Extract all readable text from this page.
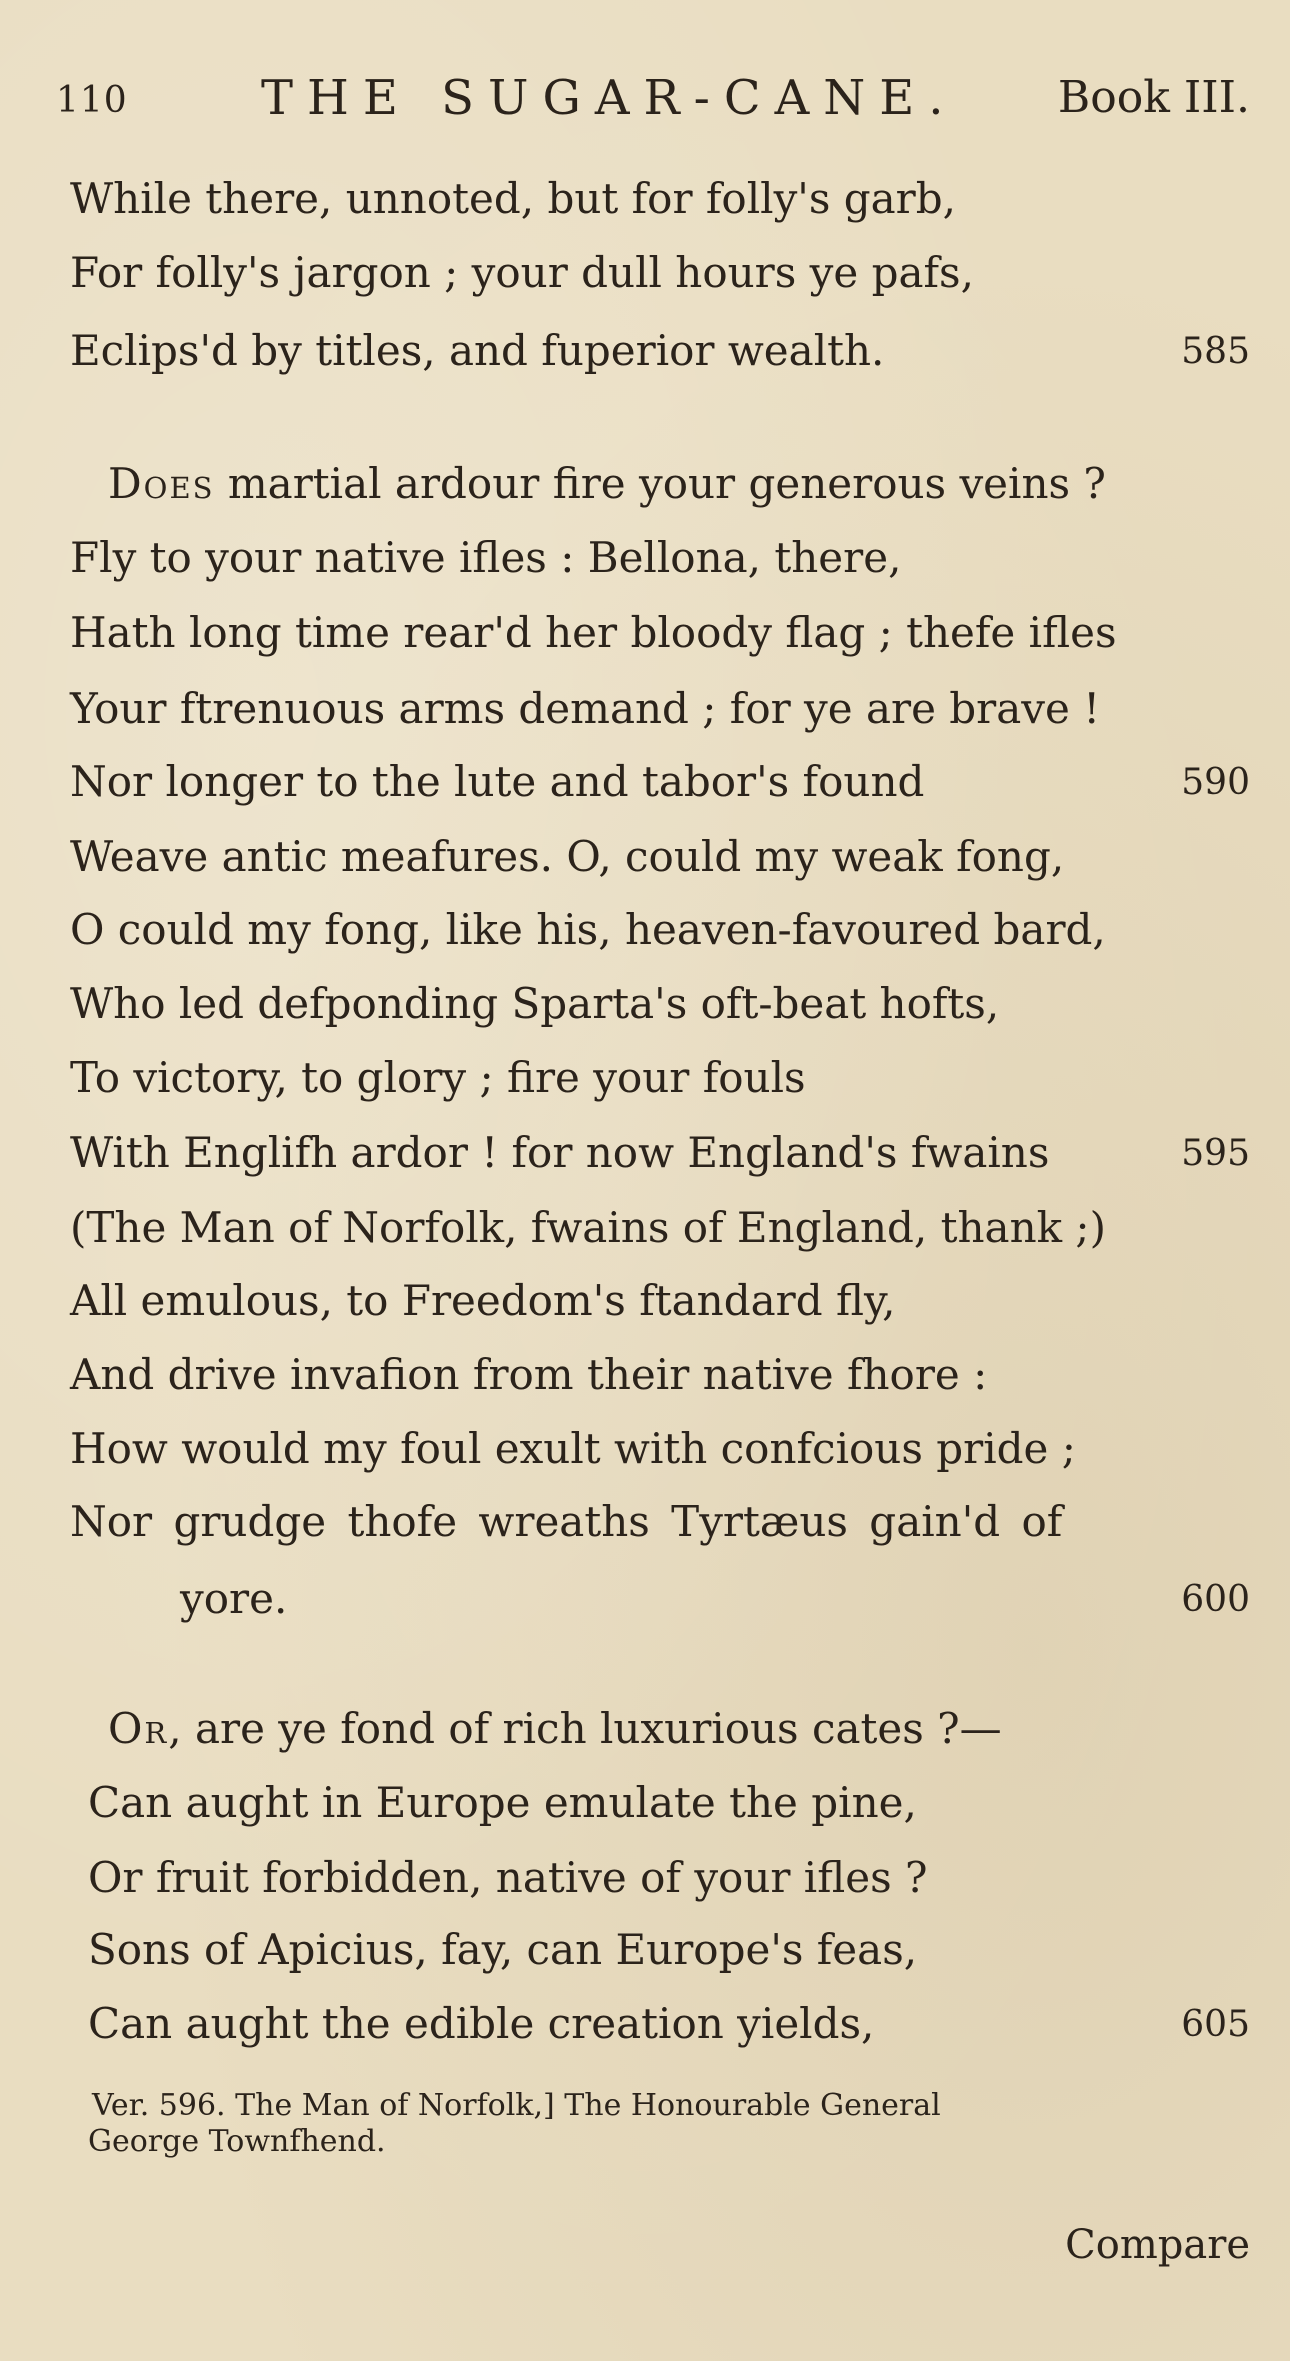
110	THE SUGAR-CANE. Book III.
While there, unnoted, but for folly's garb,
For folly's jargon ; your dull hours ye pafs,
Eclips'd by titles, and fuperior wealth.	585
Does martial ardour fire your generous veins ?
Fly to your native ifles : Bellona, there,
Hath long time rear'd her bloody flag ; thefe ifles
Your ftrenuous arms demand ; for ye are brave !
Nor longer to the lute and tabor's found	590
Weave antic meafures. O, could my weak fong,
O could my fong, like his, heaven-favoured bard,
Who led defponding Sparta's oft-beat hofts,
To victory, to glory ; fire your fouls
With Englifh ardor ! for now England's fwains	595
(The Man of Norfolk, fwains of England, thank ;)
All emulous, to Freedom's ftandard fly,
And drive invafion from their native fhore :
How would my foul exult with confcious pride ;
Nor grudge thofe wreaths Tyrtæus gain'd of
yore.	600
Or, are ye fond of rich luxurious cates ?—
Can aught in Europe emulate the pine,
Or fruit forbidden, native of your ifles ?
Sons of Apicius, fay, can Europe's feas,
Can aught the edible creation yields,	605
Ver. 596. The Man of Norfolk,] The Honourable General
George Townfhend.
Compare
